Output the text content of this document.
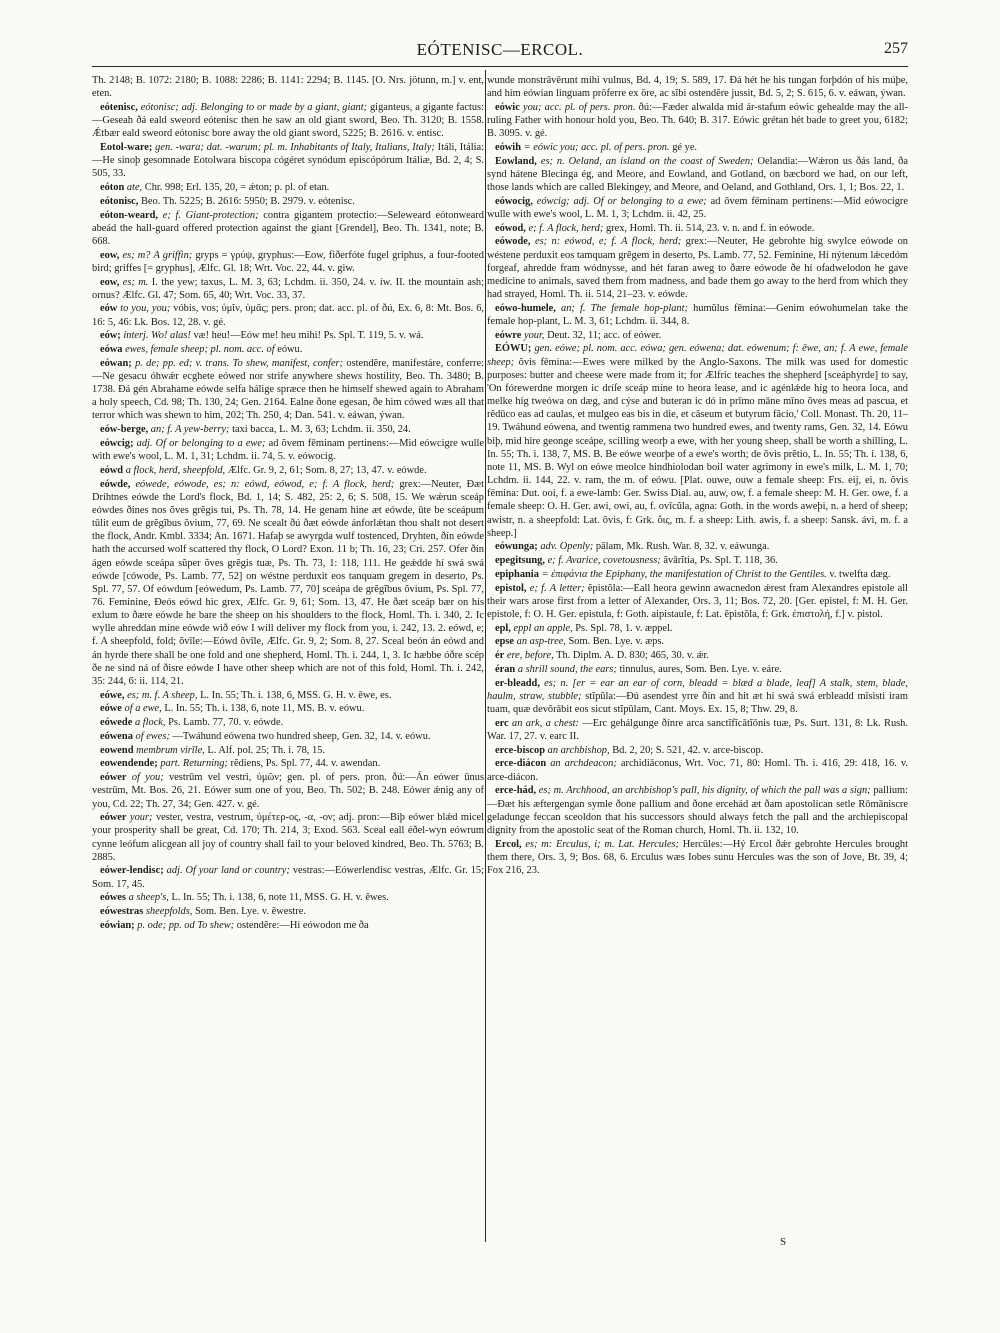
EÓTENISC—ERCOL.	257

Th. 2148; B. 1072: 2180; B. 1088: 2286; B. 1141: 2294; B. 1145. [O. Nrs. jötunn, m.] v. ent, eten.

eótenisc, eótonisc; adj. Belonging to or made by a giant, giant; giganteus, a gigante factus:—Geseah ðá eald sweord eótenisc then he saw an old giant sword, Beo. Th. 3120; B. 1558. Ǽtbær eald sweord eótonisc bore away the old giant sword, 5225; B. 2616. v. entisc.

Eotol-ware; gen. -wara; dat. -warum; pl. m. Inhabitants of Italy, Italians, Italy; Itáli, Itália:—He sinoþ gesomnade Eotolwara biscopa cógéret synódum episcópórum Itáliæ, Bd. 2, 4; S. 505, 33.

eóton ate, Chr. 998; Erl. 135, 20, = ǽton; p. pl. of etan.

eótonisc, Beo. Th. 5225; B. 2616: 5950; B. 2979. v. eótenisc.

eóton-weard, e; f. Giant-protection; contra gigantem protectio:—Seleweard eótonweard abeád the hall-guard offered protection against the giant [Grendel], Beo. Th. 1341, note; B. 668.

eow, es; m? A griffin; gryps = γρύψ, gryphus:—Eow, fiðerfóte fugel griphus, a four-footed bird; griffes [= gryphus], Ælfc. Gl. 18; Wrt. Voc. 22, 44. v. giw.

eow, es; m. I. the yew; taxus, L. M. 3, 63; Lchdm. ii. 350, 24. v. íw. II. the mountain ash; ornus? Ælfc. Gl. 47; Som. 65, 40; Wrt. Voc. 33, 37.

eów to you, you; vóbis, vos; ὑμῖν, ὑμᾶς; pers. pron; dat. acc. pl. of ðú, Ex. 6, 8: Mt. Bos. 6, 16: 5, 46: Lk. Bos. 12, 28. v. gé.

eów; interj. Wo! alas! væ! heu!—Eów me! heu mihi! Ps. Spl. T. 119, 5. v. wá.

eówa ewes, female sheep; pl. nom. acc. of eówu.

eówan; p. de; pp. ed; v. trans. To shew, manifest, confer; ostendĕre, manifestáre, conferre:—Ne gesacu óhwǽr ecghete eówed nor strife anywhere shews hostility, Beo. Th. 3480; B. 1738. Ðá gén Abrahame eówde selfa hálige spræce then he himself shewed again to Abraham a holy speech, Cd. 98; Th. 130, 24; Gen. 2164. Ealne ðone egesan, ðe him cówed wæs all that terror which was shewn to him, 202; Th. 250, 4; Dan. 541. v. eáwan, ýwan.

eów-berge, an; f. A yew-berry; taxi bacca, L. M. 3, 63; Lchdm. ii. 350, 24.

eówcig; adj. Of or belonging to a ewe; ad ŏvem fēminam pertinens:—Mid eówcigre wulle with ewe's wool, L. M. 1, 31; Lchdm. ii. 74, 5. v. eówocig.

eówd a flock, herd, sheepfold, Ælfc. Gr. 9, 2, 61; Som. 8, 27; 13, 47. v. eówde.

eówde, eówede, eówode, es; n: eówd, eówod, e; f. A flock, herd; grex:—Neuter, Ðæt Drihtnes eówde the Lord's flock, Bd. 1, 14; S. 482, 25: 2, 6; S. 508, 15. We wǽrun sceáp eówdes ðínes nos ŏves grĕgis tui, Ps. Th. 78, 14. He genam hine æt eówde, ūte be sceápum tūlit eum de grĕgĭbus ŏvium, 77, 69. Ne scealt ðú ðæt eówde ánforlǽtan thou shalt not desert the flock, Andr. Kmbl. 3334; An. 1671. Hafaþ se awyrgda wulf tostenced, Dryhten, ðín eówde hath the accursed wolf scattered thy flock, O Lord? Exon. 11 b; Th. 16, 23; Cri. 257. Ofer ðín ágen eówde sceápa sŭper ŏves grĕgis tuæ, Ps. Th. 73, 1: 118, 111. He geǽdde hí swá swá eówde [cówode, Ps. Lamb. 77, 52] on wéstne perduxit eos tanquam gregem in deserto, Ps. Spl. 77, 57. Of eówdum [eówedum, Ps. Lamb. 77, 70] sceápa de grĕgĭbus ŏvium, Ps. Spl. 77, 76. Feminine, Ðeós eówd hic grex, Ælfc. Gr. 9, 61; Som. 13, 47. He ðæt sceáp bær on his exlum to ðære eówde he bare the sheep on his shoulders to the flock, Homl. Th. i. 340, 2. Ic wylle ahreddan míne eówde wið eów I will deliver my flock from you, i. 242, 13. 2. eówd, e; f. A sheepfold, fold; ŏvīle:—Eówd ŏvīle, Ælfc. Gr. 9, 2; Som. 8, 27. Sceal beón án eówd and án hyrde there shall be one fold and one shepherd, Homl. Th. i. 244, 1, 3. Ic hæbbe óðre scép ðe ne sind ná of ðisre eówde I have other sheep which are not of this fold, Homl. Th. i. 242, 35: 244, 6: ii. 114, 21.

eówe, es; m. f. A sheep, L. In. 55; Th. i. 138, 6, MSS. G. H. v. ēwe, es.

eówe of a ewe, L. In. 55; Th. i. 138, 6, note 11, MS. B. v. eówu.

eówede a flock, Ps. Lamb. 77, 70. v. eówde.

eówena of ewes; —Twáhund eówena two hundred sheep, Gen. 32, 14. v. eówu.

eowend membrum virīle, L. Alf. pol. 25; Th. i. 78, 15.

eowendende; part. Returning; rĕdiens, Ps. Spl. 77, 44. v. awendan.

eówer of you; vestrūm vel vestri, ὑμῶν; gen. pl. of pers. pron. ðú:—Án eówer ūnus vestrūm, Mt. Bos. 26, 21. Eówer sum one of you, Beo. Th. 502; B. 248. Eówer ǽnig any of you, Cd. 22; Th. 27, 34; Gen. 427. v. gé.

eówer your; vester, vestra, vestrum, ὑμέτερ-ος, -α, -ον; adj. pron:—Biþ eówer blǽd micel your prosperity shall be great, Cd. 170; Th. 214, 3; Exod. 563. Sceal eall éðel-wyn eówrum cynne leófum alicgean all joy of country shall fail to your beloved kindred, Beo. Th. 5763; B. 2885.

eówer-lendisc; adj. Of your land or country; vestras:—Eówerlendisc vestras, Ælfc. Gr. 15; Som. 17, 45.

eówes a sheep's, L. In. 55; Th. i. 138, 6, note 11, MSS. G. H. v. ēwes.

eówestras sheepfolds, Som. Ben. Lye. v. ēwestre.

eówian; p. ode; pp. od To shew; ostendĕre:—Hí eówodon me ða

wunde monstrāvērunt mihi vulnus, Bd. 4, 19; S. 589, 17. Ðá hét he his tungan forþdón of his múþe, and him eówian linguam prōferre ex ōre, ac sĭbi ostendĕre jussit, Bd. 5, 2; S. 615, 6. v. eáwan, ýwan.

eówic you; acc. pl. of pers. pron. ðú:—Fæder alwalda mid ár-stafum eówic gehealde may the all-ruling Father with honour hold you, Beo. Th. 640; B. 317. Eówic grétan hét bade to greet you, 6182; B. 3095. v. gé.

eówih = eówic you; acc. pl. of pers. pron. gé ye.

Eowland, es; n. Oeland, an island on the coast of Sweden; Oelandia:—Wǽron us ðás land, ða synd hátene Blecinga ég, and Meore, and Eowland, and Gotland, on bæcbord we had, on our left, those lands which are called Blekingey, and Meore, and Oeland, and Gothland, Ors. 1, 1; Bos. 22, 1.

eówocig, eówcig; adj. Of or belonging to a ewe; ad ŏvem fēminam pertinens:—Mid eówocigre wulle with ewe's wool, L. M. 1, 3; Lchdm. ii. 42, 25.

eówod, e; f. A flock, herd; grex, Homl. Th. ii. 514, 23. v. n. and f. in eówode.

eówode, es; n: eówod, e; f. A flock, herd; grex:—Neuter, He gebrohte híg swylce eówode on wéstene perduxit eos tamquam grĕgem in deserto, Ps. Lamb. 77, 52. Feminine, Hí nýtenum lǽcedóm forgeaf, ahredde fram wódnysse, and hét faran aweg to ðære eówode ðe hí ofadwelodon he gave medicine to animals, saved them from madness, and bade them go away to the herd from which they had strayed, Homl. Th. ii. 514, 21–23. v. eówde.

eówo-humele, an; f. The female hop-plant; humŭlus fēmina:—Genim eówohumelan take the female hop-plant, L. M. 3, 61; Lchdm. ii. 344, 8.

eówre your, Deut. 32, 11; acc. of eówer.

EÓWU; gen. eówe; pl. nom. acc. eówa; gen. eówena; dat. eówenum; f: ēwe, an; f. A ewe, female sheep; ŏvis fēmina:—Ewes were milked by the Anglo-Saxons. The milk was used for domestic purposes: butter and cheese were made from it; for Ælfric teaches the shepherd [sceáphyrde] to say, 'On fórewerdne morgen ic dríſe sceáp míne to heora lease, and ic agénlǽde híg to heora loca, and melke híg tweówa on dæg, and cýse and buteran ic dó in prīmo māne mīno ŏves meas ad pascua, et rĕdūco eas ad caulas, et mulgeo eas bis in die, et cāseum et butyrum făcio,' Coll. Monast. Th. 20, 11–19. Twáhund eówena, and twentig rammena two hundred ewes, and twenty rams, Gen. 32, 14. Eówu biþ, mid hire geonge sceápe, scilling weorþ a ewe, with her young sheep, shall be worth a shilling, L. In. 55; Th. i. 138, 7, MS. B. Be eówe weorþe of a ewe's worth; de ŏvis prĕtio, L. In. 55; Th. i. 138, 6, note 11, MS. B. Wyl on eówe meolce hindhiolodan boil water agrimony in ewe's milk, L. M. 1, 70; Lchdm. ii. 144, 22. v. ram, the m. of eówu. [Plat. ouwe, ouw a female sheep: Frs. eij, ei, n. ŏvis fēmina: Dut. ooi, f. a ewe-lamb: Ger. Swiss Dial. au, auw, ow, f. a female sheep: M. H. Ger. owe, f. a female sheep: O. H. Ger. awi, owi, au, f. ovīcŭla, agna: Goth. in the words aweþi, n. a herd of sheep; awistr, n. a sheepfold: Lat. ŏvis, f: Grk. ὄις, m. f. a sheep: Lith. awis, f. a sheep: Sansk. ávi, m. f. a sheep.]

eówunga; adv. Openly; pālam, Mk. Rush. War. 8, 32. v. eáwunga.

epegitsung, e; f. Avarice, covetousness; ăvārĭtia, Ps. Spl. T. 118, 36.

epiphania = ἐπιφάνια the Epiphany, the manifestation of Christ to the Gentiles. v. twelfta dæg.

epistol, e; f. A letter; ĕpistŏla:—Eall heora gewinn awacnedon ǽrest fram Alexandres epistole all their wars arose first from a letter of Alexander, Ors. 3, 11; Bos. 72, 20. [Ger. epistel, f: M. H. Ger. epistole, f: O. H. Ger. epistula, f: Goth. aipistaule, f: Lat. ĕpistŏla, f: Grk. ἐπιστολή, f.] v. pistol.

epl, eppl an apple, Ps. Spl. 78, 1. v. æppel.

epse an asp-tree, Som. Ben. Lye. v. æps.

ér ere, before, Th. Diplm. A. D. 830; 465, 30. v. ǽr.

éran a shrill sound, the ears; tinnulus, aures, Som. Ben. Lye. v. eáre.

er-bleadd, es; n. [er = ear an ear of corn, bleadd = blæd a blade, leaf] A stalk, stem, blade, haulm, straw, stubble; stĭpŭla:—Ðú asendest yrre ðín and hit æt hí swá swá erbleadd mīsisti iram tuam, quæ devŏrābit eos sicut stĭpŭlam, Cant. Moys. Ex. 15, 8; Thw. 29, 8.

erc an ark, a chest: —Erc gehálgunge ðínre arca sanctĭfĭcātĭōnis tuæ, Ps. Surt. 131, 8: Lk. Rush. War. 17, 27. v. earc II.

erce-biscop an archbishop, Bd. 2, 20; S. 521, 42. v. arce-biscop.

erce-diácon an archdeacon; archidiāconus, Wrt. Voc. 71, 80: Homl. Th. i. 416, 29: 418, 16. v. arce-diácon.

erce-hád, es; m. Archhood, an archbishop's pall, his dignity, of which the pall was a sign; pallium:—Ðæt his æftergengan symle ðone pallium and ðone ercehád æt ðam apostolícan setle Rōmāniscre geladunge feccan sceoldon that his successors should always fetch the pall and the archiepiscopal dignity from the apostolic seat of the Roman church, Homl. Th. ii. 132, 10.

Ercol, es; m: Erculus, i; m. Lat. Hercules; Hercūles:—Hý Ercol ðǽr gebrohte Hercules brought them there, Ors. 3, 9; Bos. 68, 6. Erculus wæs Iobes sunu Hercules was the son of Jove, Bt. 39, 4; Fox 216, 23.

S
